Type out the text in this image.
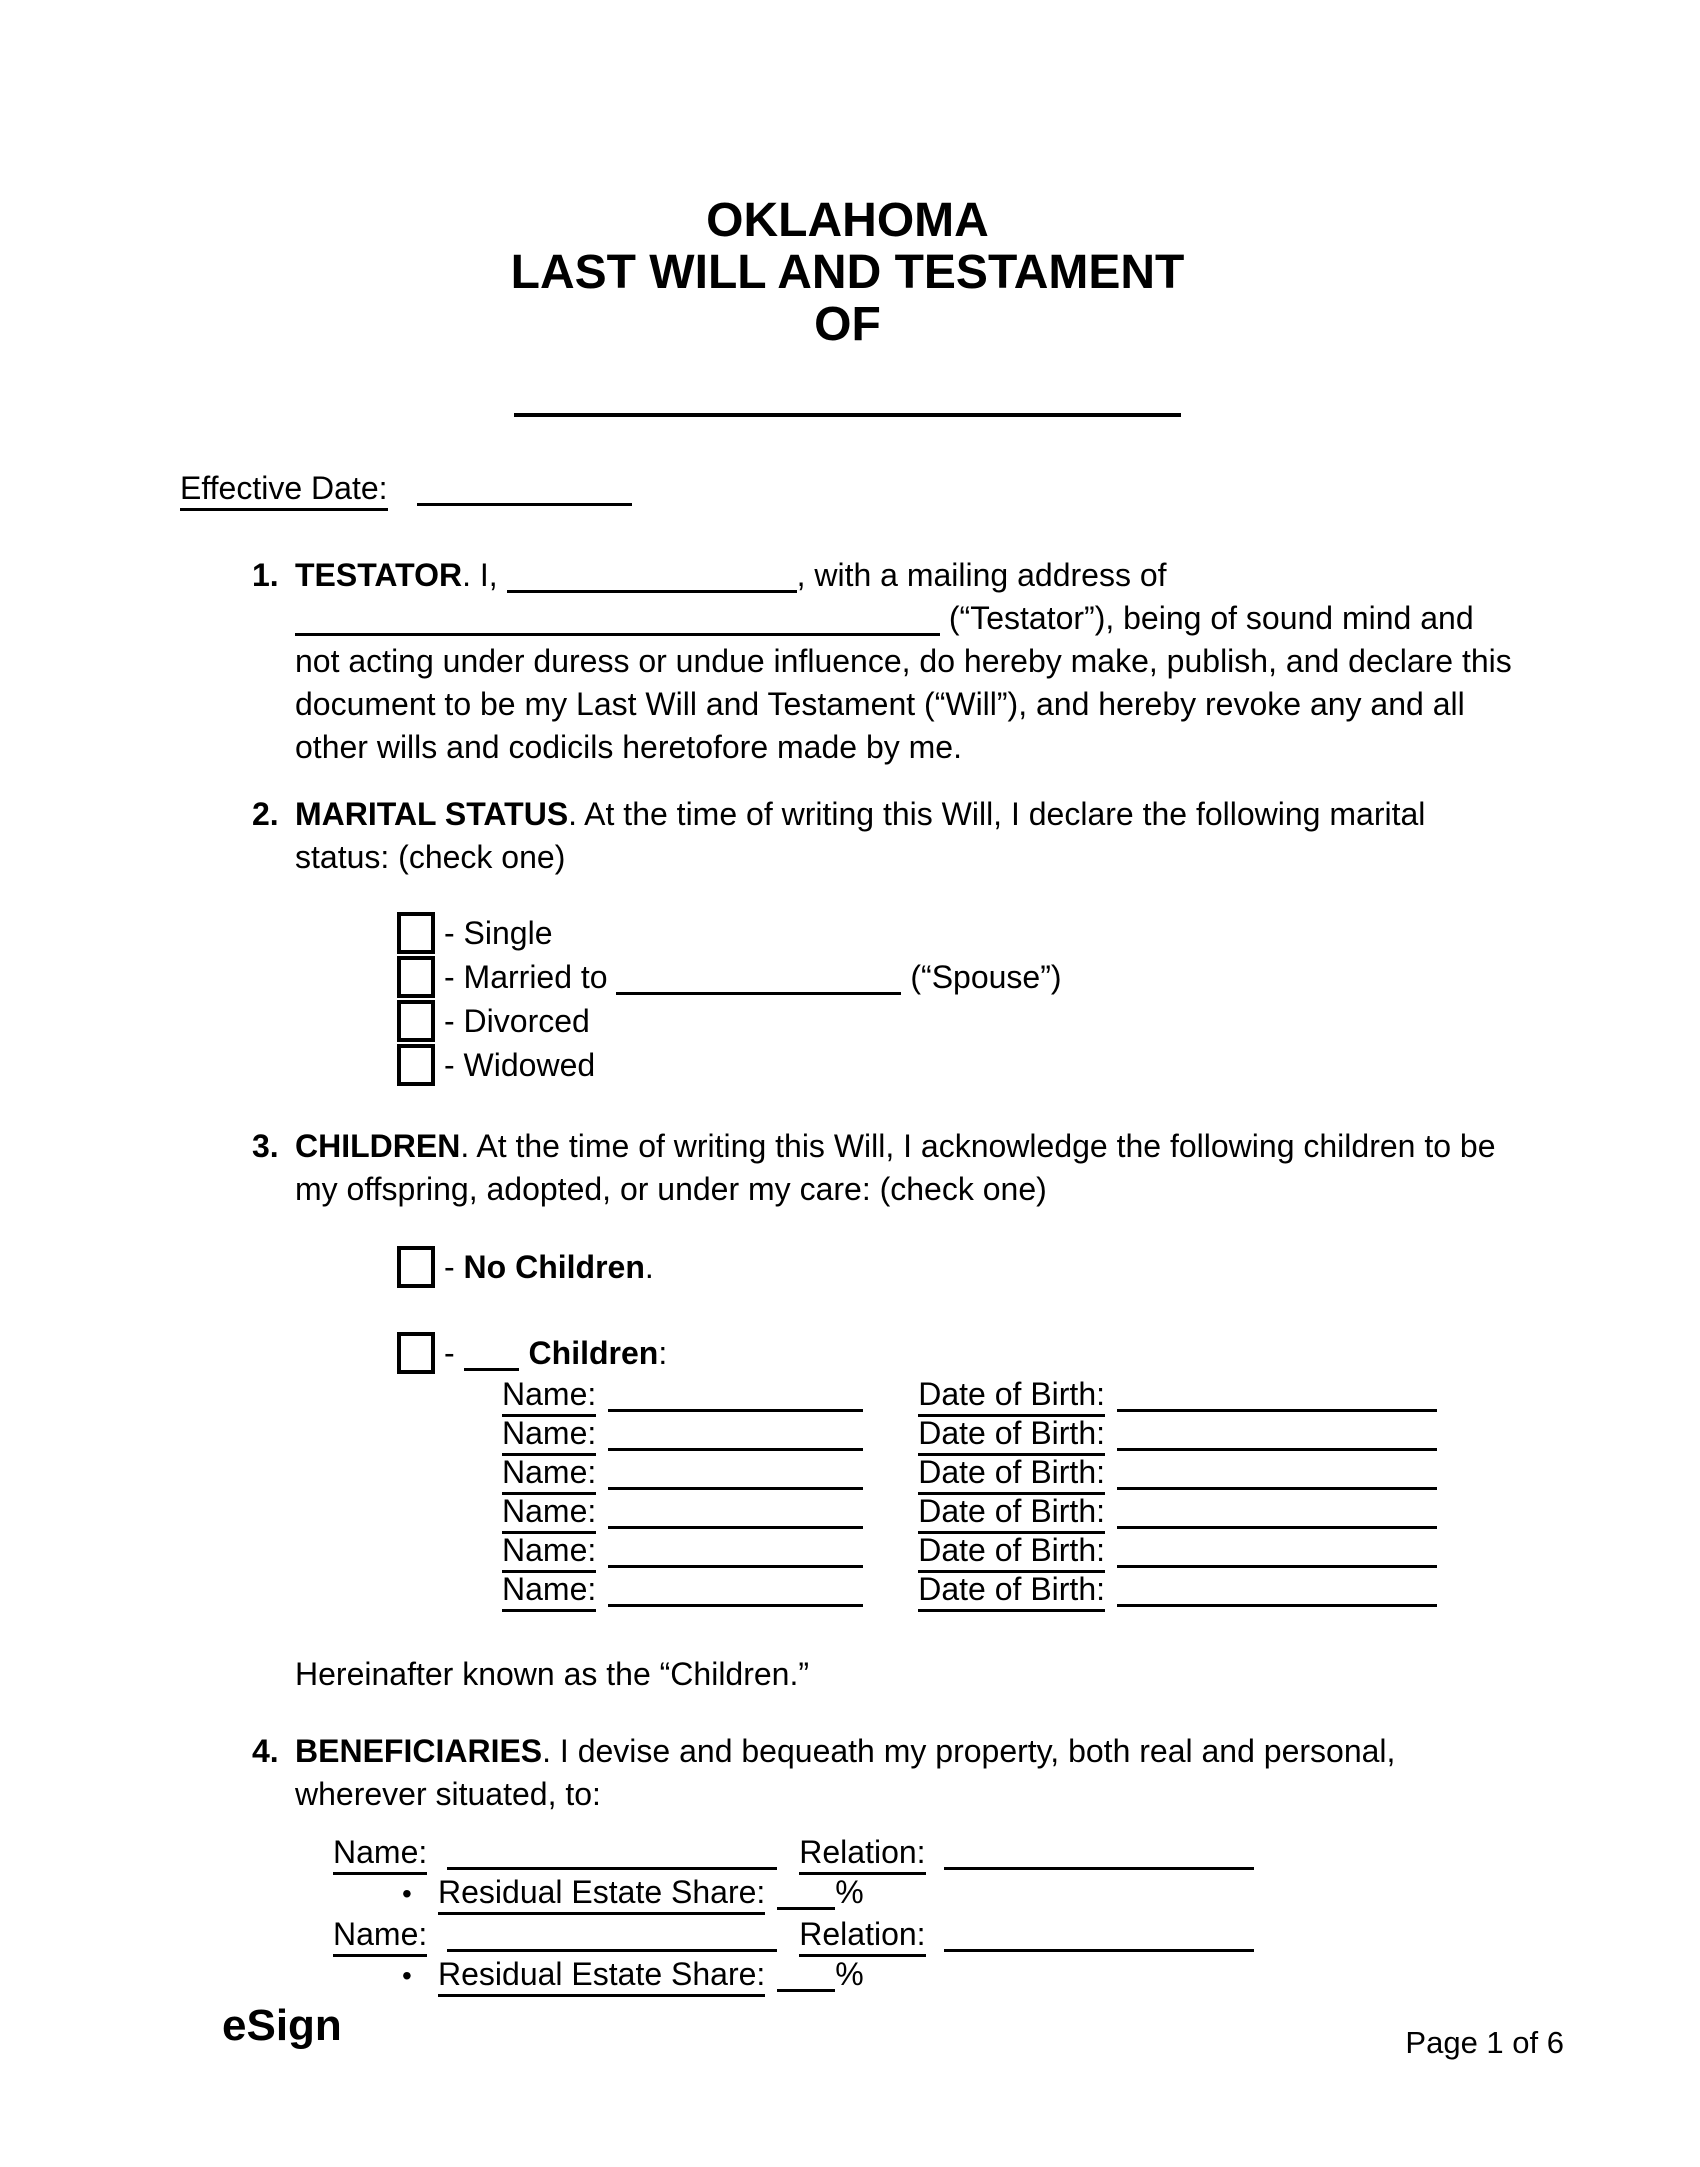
OKLAHOMA
LAST WILL AND TESTAMENT
OF
Effective Date:
1. TESTATOR. I,	, with a mailing address of  (“Testator”), being of sound mind and not acting under duress or undue influence, do hereby make, publish, and declare this document to be my Last Will and Testament (“Will”), and hereby revoke any and all other wills and codicils heretofore made by me.
2. MARITAL STATUS. At the time of writing this Will, I declare the following marital status: (check one)
- Single
- Married to	(“Spouse”)
- Divorced
- Widowed
3. CHILDREN. At the time of writing this Will, I acknowledge the following children to be my offspring, adopted, or under my care: (check one)
- No Children.
- Children:
Name:	Date of Birth:
Name:	Date of Birth:
Name:	Date of Birth:
Name:	Date of Birth:
Name:	Date of Birth:
Name:	Date of Birth:
Hereinafter known as the “Children.”
4. BENEFICIARIES. I devise and bequeath my property, both real and personal, wherever situated, to:
Name:	Relation:
• Residual Estate Share: %
Name:	Relation:
• Residual Estate Share: %
eSign	Page 1 of 6
